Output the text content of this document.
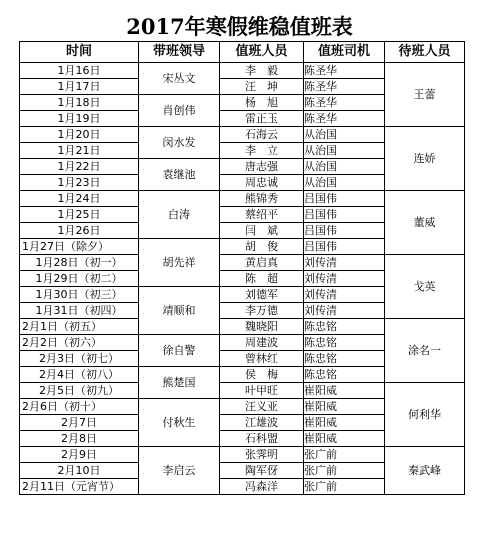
2017年寒假维稳值班表
时间	带班领导	值班人员	值班司机	待班人员
1月16日	宋丛文	李　毅	陈圣华	王蕾
1月17日		汪　坤	陈圣华	
1月18日	肖创伟	杨　旭	陈圣华	
1月19日		雷正玉	陈圣华	
1月20日	闵水发	石海云	从治国	连娇
1月21日		李　立	从治国	
1月22日	袁继池	唐志强	从治国	
1月23日		周忠诚	从治国	
1月24日	白涛	熊锦秀	吕国伟	董威
1月25日		蔡绍平	吕国伟	
1月26日		闫　斌	吕国伟	
1月27日（除夕）	胡先祥	胡　俊	吕国伟	
1月28日（初一）		黄启真	刘传清	戈英
1月29日（初二）		陈　超	刘传清	
1月30日（初三）	靖顺和	刘德军	刘传清	
1月31日（初四）		李万德	刘传清	
2月1日（初五）		魏晓阳	陈忠铭	涂名一
2月2日（初六）	徐自警	周建波	陈忠铭	
2月3日（初七）		曾林红	陈忠铭	
2月4日（初八）	熊楚国	侯　梅	陈忠铭	
2月5日（初九）		叶甲旺	崔阳威	何利华
2月6日（初十）	付秋生	汪义亚	崔阳威	
2月7日		江雄波	崔阳威	
2月8日		石科盟	崔阳威	
2月9日	李启云	张霁明	张广前	秦武峰
2月10日		陶军伢	张广前	
2月11日（元宵节）		冯森洋	张广前	
